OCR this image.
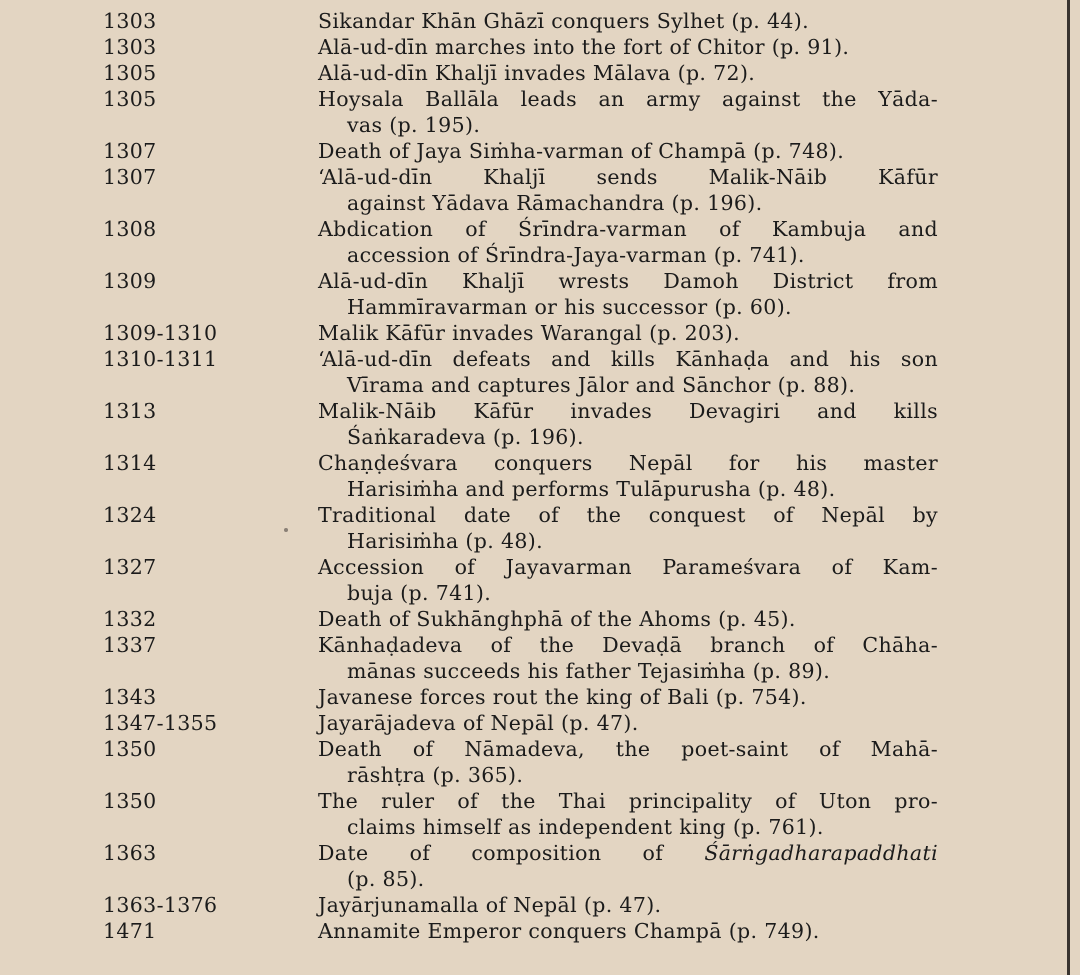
1303	Sikandar Khān Ghāzī conquers Sylhet (p. 44).
1303	Alā-ud-dīn marches into the fort of Chitor (p. 91).
1305	Alā-ud-dīn Khaljī invades Mālava (p. 72).
1305	Hoysala Ballāla leads an army against the Yāda-
vas (p. 195).
1307	Death of Jaya Siṁha-varman of Champā (p. 748).
1307	‘Alā-ud-dīn Khaljī sends Malik-Nāib Kāfūr
against Yādava Rāmachandra (p. 196).
1308	Abdication of Śrīndra-varman of Kambuja and
accession of Śrīndra-Jaya-varman (p. 741).
1309	Alā-ud-dīn Khaljī wrests Damoh District from
Hammīravarman or his successor (p. 60).
1309-1310	Malik Kāfūr invades Warangal (p. 203).
1310-1311	‘Alā-ud-dīn defeats and kills Kānhaḍa and his son
Vīrama and captures Jālor and Sānchor (p. 88).
1313	Malik-Nāib Kāfūr invades Devagiri and kills
Śaṅkaradeva (p. 196).
1314	Chaṇḍeśvara conquers Nepāl for his master
Harisiṁha and performs Tulāpurusha (p. 48).
1324	Traditional date of the conquest of Nepāl by
Harisiṁha (p. 48).
1327	Accession of Jayavarman Parameśvara of Kam-
buja (p. 741).
1332	Death of Sukhānghphā of the Ahoms (p. 45).
1337	Kānhaḍadeva of the Devaḍā branch of Chāha-
mānas succeeds his father Tejasiṁha (p. 89).
1343	Javanese forces rout the king of Bali (p. 754).
1347-1355	Jayarājadeva of Nepāl (p. 47).
1350	Death of Nāmadeva, the poet-saint of Mahā-
rāshṭra (p. 365).
1350	The ruler of the Thai principality of Uton pro-
claims himself as independent king (p. 761).
1363	Date of composition of Śārṅgadharapaddhati
(p. 85).
1363-1376	Jayārjunamalla of Nepāl (p. 47).
1471	Annamite Emperor conquers Champā (p. 749).
